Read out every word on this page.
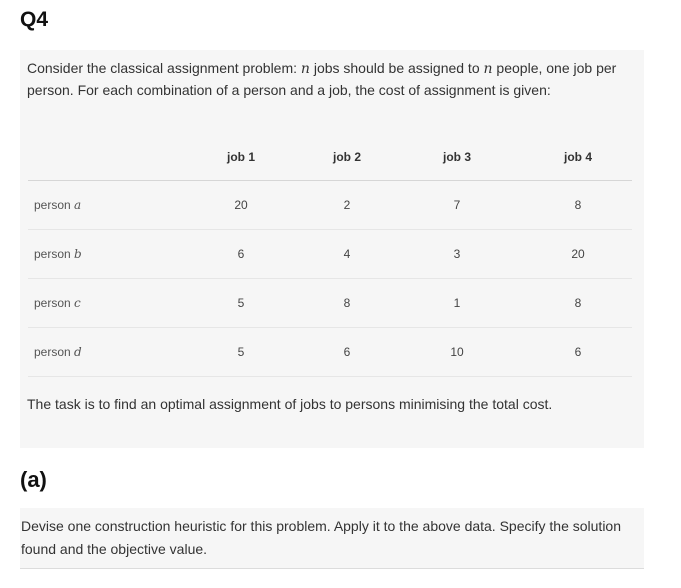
Q4

Consider the classical assignment problem: n jobs should be assigned to n people, one job per person. For each combination of a person and a job, the cost of assignment is given:

	job 1	job 2	job 3	job 4
person a	20	2	7	8
person b	6	4	3	20
person c	5	8	1	8
person d	5	6	10	6

The task is to find an optimal assignment of jobs to persons minimising the total cost.

(a)

Devise one construction heuristic for this problem. Apply it to the above data. Specify the solution found and the objective value.
